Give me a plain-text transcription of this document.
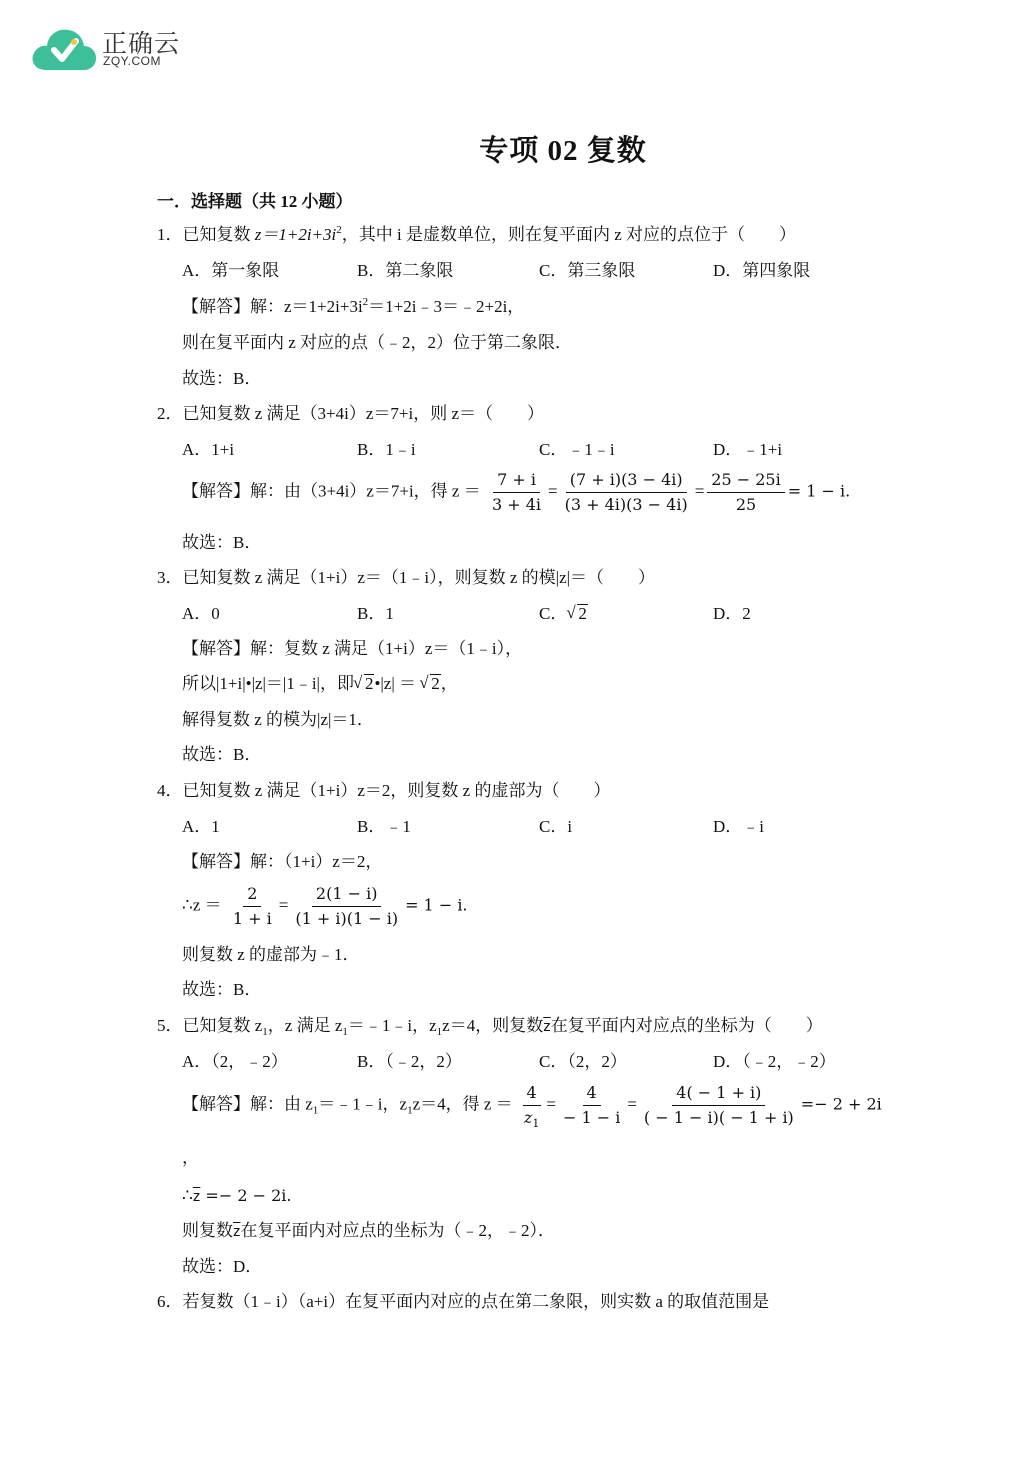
正确云
ZQY.COM
专项 02 复数
一．选择题（共 12 小题）
1．已知复数 $z=1+2i+3i^2$，其中 i 是虚数单位，则在复平面内 z 对应的点位于（　　）
A．第一象限	B．第二象限	C．第三象限	D．第四象限
【解答】解：$z=1+2i+3i^2=1+2i﹣3=﹣2+2i$，
则在复平面内 z 对应的点（﹣2，2）位于第二象限．
故选：B．
2．已知复数 z 满足（3+4i）z＝7+i，则 z＝（　　）
A．1+i	B．1﹣i	C．﹣1﹣i	D．﹣1+i
【解答】解：由（3+4i）z＝7+i，得 $z = \frac{7 + i}{3 + 4i} = \frac{(7 + i)(3 - 4i)}{(3 + 4i)(3 - 4i)} = \frac{25 - 25i}{25} = 1 - i$.
故选：B．
3．已知复数 z 满足（1+i）z＝（1﹣i），则复数 z 的模|z|＝（　　）
A．0	B．1	C． √ 2	D．2
【解答】解：复数 z 满足（1+i）z＝（1﹣i），
所以|1+i|•|z|＝|1﹣i|，即 √ 2•|z| ＝ √ 2，
解得复数 z 的模为|z|＝1．
故选：B．
4．已知复数 z 满足（1+i）z＝2，则复数 z 的虚部为（　　）
A．1	B．﹣1	C．i	D．﹣i
【解答】解：（1+i）z＝2，
∴z ＝ $\frac{2}{1 + i} = \frac{2(1 - i)}{(1 + i)(1 - i)} = 1 - i$.
则复数 z 的虚部为﹣1．
故选：B．
5．已知复数 $z_1$，z 满足 $z_1=﹣1﹣i$，$z_1z=4$，则复数$\overline{z}$在复平面内对应点的坐标为（　　）
A．（2，﹣2）	B．（﹣2，2）	C．（2，2）	D．（﹣2，﹣2）
【解答】解：由 $z_1=﹣1﹣i$，$z_1z=4$，得 $z = \frac{4}{z_1} = \frac{4}{- 1 - i} = \frac{4( - 1 + i)}{( - 1 - i)( - 1 + i)} =- 2 + 2i$
，
$\therefore\overline{z} =- 2 - 2i$.
则复数$\overline{z}$在复平面内对应点的坐标为（﹣2，﹣2）．
故选：D．
6．若复数（1﹣i）（a+i）在复平面内对应的点在第二象限，则实数 a 的取值范围是
